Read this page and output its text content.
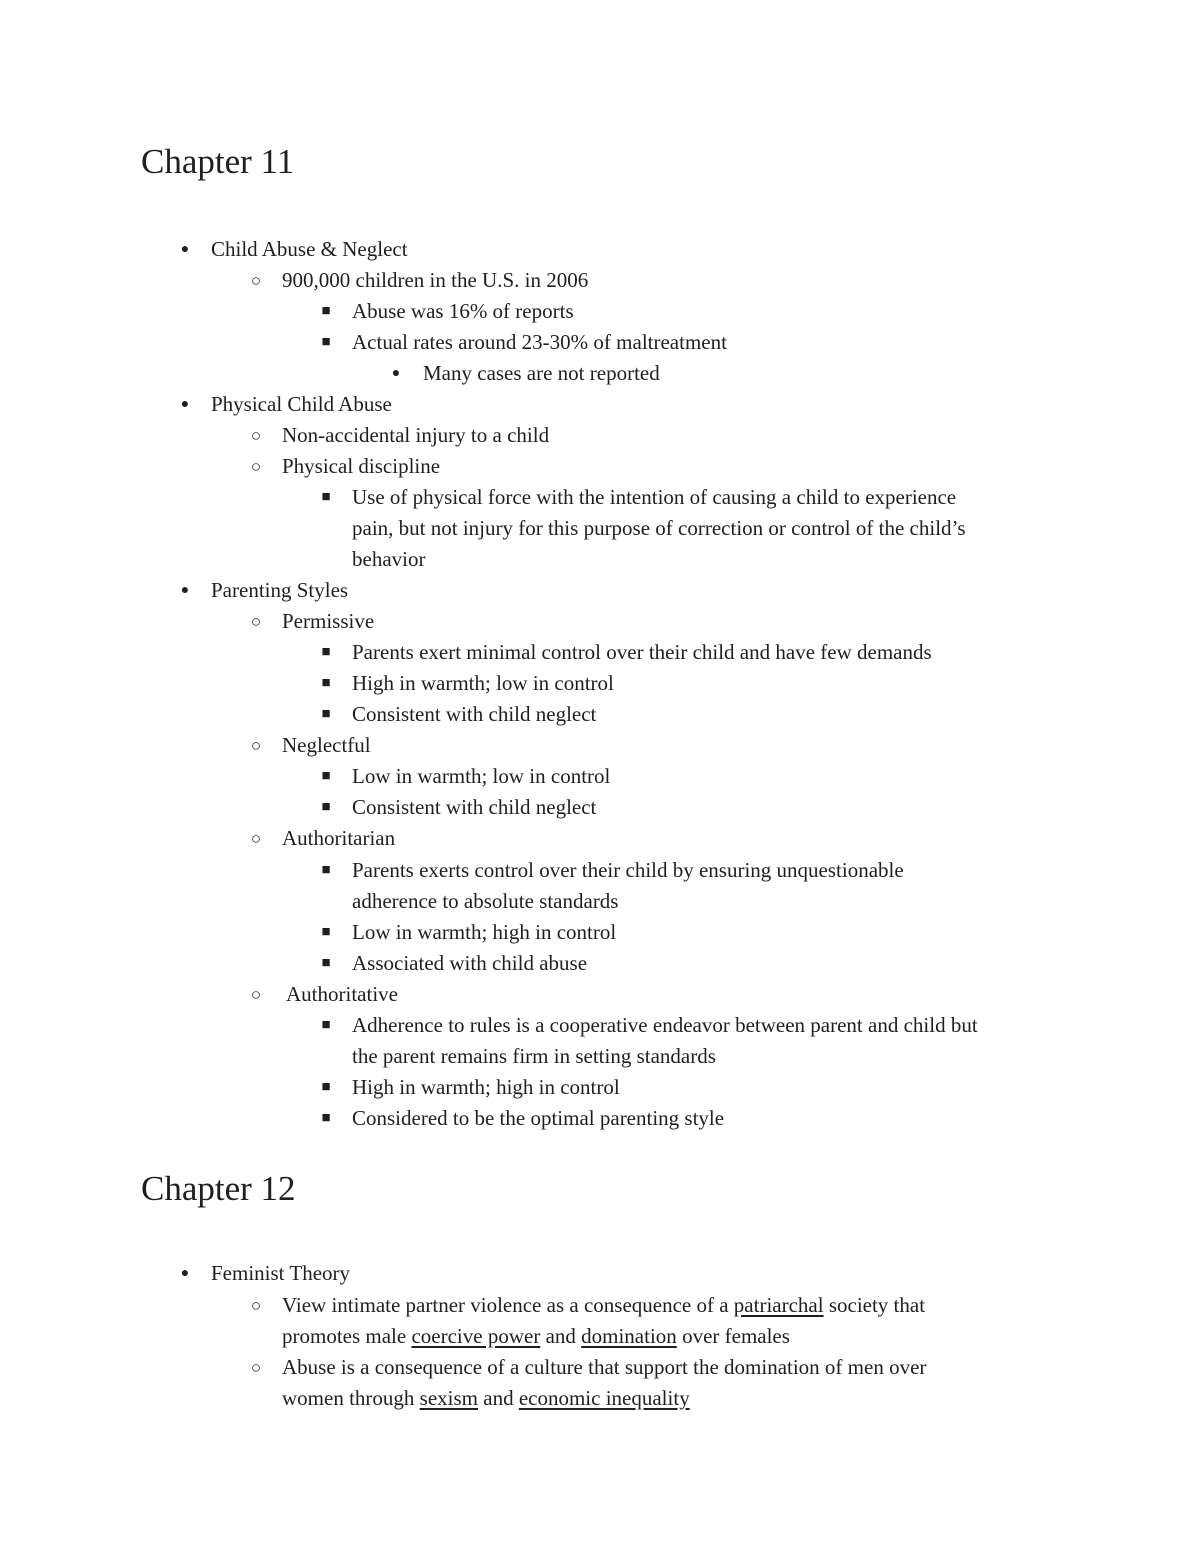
Chapter 11
● Child Abuse & Neglect
○ 900,000 children in the U.S. in 2006
■ Abuse was 16% of reports
■ Actual rates around 23-30% of maltreatment
● Many cases are not reported
● Physical Child Abuse
○ Non-accidental injury to a child
○ Physical discipline
■ Use of physical force with the intention of causing a child to experience
pain, but not injury for this purpose of correction or control of the child’s
behavior
● Parenting Styles
○ Permissive
■ Parents exert minimal control over their child and have few demands
■ High in warmth; low in control
■ Consistent with child neglect
○ Neglectful
■ Low in warmth; low in control
■ Consistent with child neglect
○ Authoritarian
■ Parents exerts control over their child by ensuring unquestionable
adherence to absolute standards
■ Low in warmth; high in control
■ Associated with child abuse
○ Authoritative
■ Adherence to rules is a cooperative endeavor between parent and child but
the parent remains firm in setting standards
■ High in warmth; high in control
■ Considered to be the optimal parenting style
Chapter 12
● Feminist Theory
○ View intimate partner violence as a consequence of a patriarchal society that
promotes male coercive power and domination over females
○ Abuse is a consequence of a culture that support the domination of men over
women through sexism and economic inequality
